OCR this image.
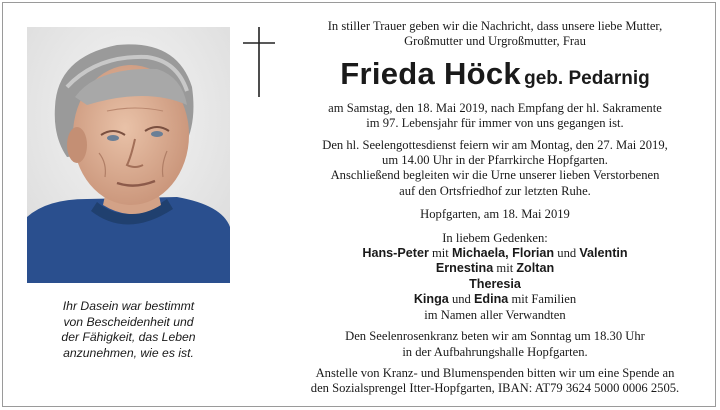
Ihr Dasein war bestimmt
von Bescheidenheit und
der Fähigkeit, das Leben
anzunehmen, wie es ist.

In stiller Trauer geben wir die Nachricht, dass unsere liebe Mutter,

Großmutter und Urgroßmutter, Frau

Frieda Höck geb. Pedarnig

am Samstag, den 18. Mai 2019, nach Empfang der hl. Sakramente

im 97. Lebensjahr für immer von uns gegangen ist.

Den hl. Seelengottesdienst feiern wir am Montag, den 27. Mai 2019,

um 14.00 Uhr in der Pfarrkirche Hopfgarten.

Anschließend begleiten wir die Urne unserer lieben Verstorbenen

auf den Ortsfriedhof zur letzten Ruhe.

Hopfgarten, am 18. Mai 2019

In liebem Gedenken:

Hans-Peter mit Michaela, Florian und Valentin

Ernestina mit Zoltan

Theresia

Kinga und Edina mit Familien

im Namen aller Verwandten

Den Seelenrosenkranz beten wir am Sonntag um 18.30 Uhr

in der Aufbahrungshalle Hopfgarten.

Anstelle von Kranz- und Blumenspenden bitten wir um eine Spende an

den Sozialsprengel Itter-Hopfgarten, IBAN: AT79 3624 5000 0006 2505.
